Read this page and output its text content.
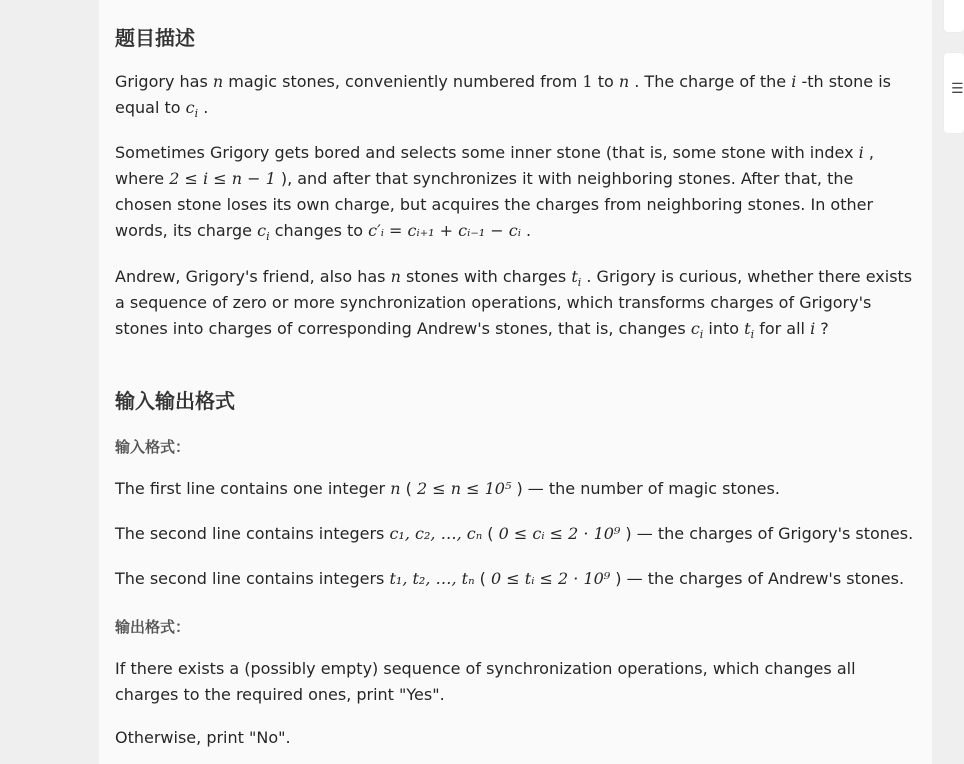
题目描述

Grigory has n magic stones, conveniently numbered from 1 to n . The charge of the i -th stone is equal to $c_i$ .

Sometimes Grigory gets bored and selects some inner stone (that is, some stone with index i , where 2 ≤ i ≤ n − 1 ), and after that synchronizes it with neighboring stones. After that, the chosen stone loses its own charge, but acquires the charges from neighboring stones. In other words, its charge $c_i$ changes to c′ᵢ = cᵢ₊₁ + cᵢ₋₁ − cᵢ .

Andrew, Grigory's friend, also has n stones with charges $t_i$ . Grigory is curious, whether there exists a sequence of zero or more synchronization operations, which transforms charges of Grigory's stones into charges of corresponding Andrew's stones, that is, changes $c_i$ into $t_i$ for all i ?

输入输出格式
输入格式：

The first line contains one integer n ( 2 ≤ n ≤ 10⁵ ) — the number of magic stones.

The second line contains integers c₁, c₂, …, cₙ ( 0 ≤ cᵢ ≤ 2 · 10⁹ ) — the charges of Grigory's stones.

The second line contains integers t₁, t₂, …, tₙ ( 0 ≤ tᵢ ≤ 2 · 10⁹ ) — the charges of Andrew's stones.

输出格式：

If there exists a (possibly empty) sequence of synchronization operations, which changes all charges to the required ones, print "Yes".

Otherwise, print "No".

☰
